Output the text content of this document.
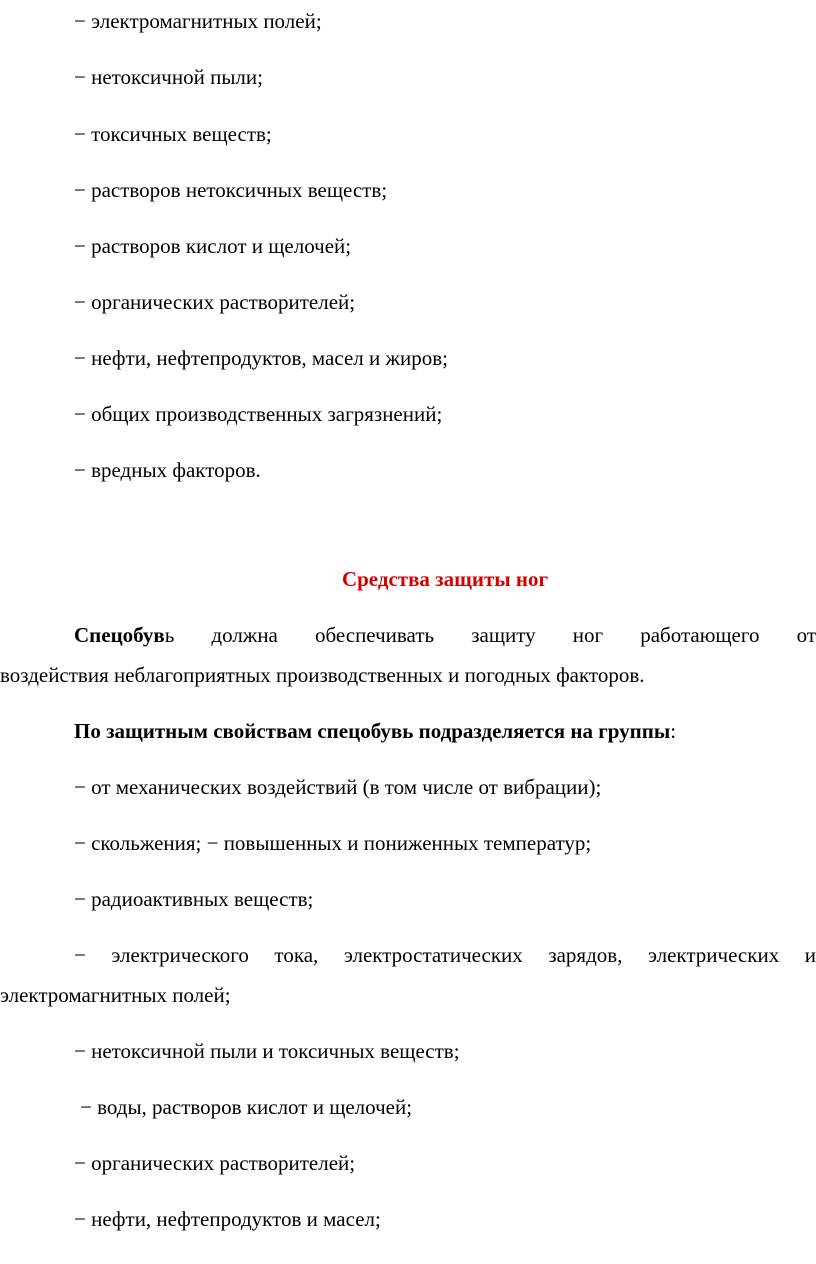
− электромагнитных полей;
− нетоксичной пыли;
− токсичных веществ;
− растворов нетоксичных веществ;
− растворов кислот и щелочей;
− органических растворителей;
− нефти, нефтепродуктов, масел и жиров;
− общих производственных загрязнений;
− вредных факторов.
Средства защиты ног
Спецобувь должна обеспечивать защиту ног работающего от
воздействия неблагоприятных производственных и погодных факторов.
По защитным свойствам спецобувь подразделяется на группы:
− от механических воздействий (в том числе от вибрации);
− скольжения; − повышенных и пониженных температур;
− радиоактивных веществ;
− электрического тока, электростатических зарядов, электрических и
электромагнитных полей;
− нетоксичной пыли и токсичных веществ;
− воды, растворов кислот и щелочей;
− органических растворителей;
− нефти, нефтепродуктов и масел;
